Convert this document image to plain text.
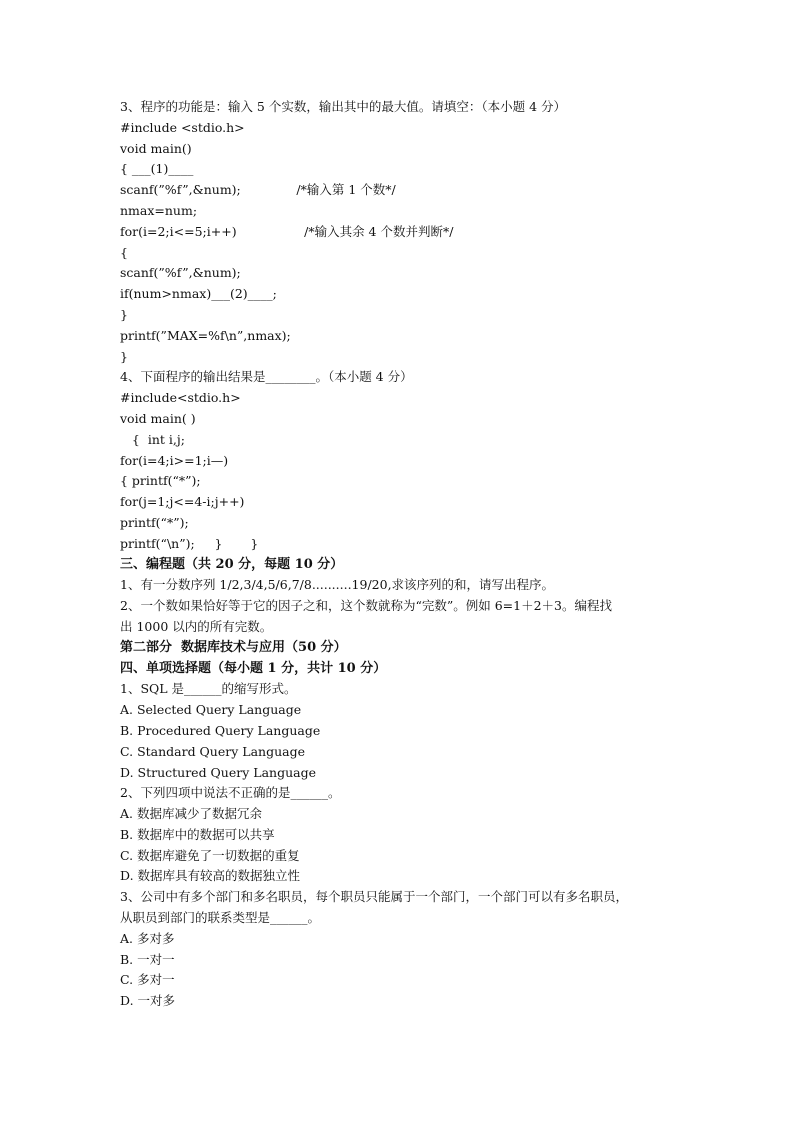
3、程序的功能是：输入 5 个实数，输出其中的最大值。请填空：（本小题 4 分）
#include <stdio.h>
void main()
{ ___(1)____
scanf(”%f”,&num);              /*输入第 1 个数*/
nmax=num;
for(i=2;i<=5;i++)                 /*输入其余 4 个数并判断*/
{
scanf(”%f”,&num);
if(num>nmax)___(2)____;
}
printf(”MAX=%f\n”,nmax);
}
4、下面程序的输出结果是________。（本小题 4 分）
#include<stdio.h>
void main( )
{  int i,j;
for(i=4;i>=1;i—)
{ printf(“*”);
for(j=1;j<=4-i;j++)
printf(“*”);
printf(“\n”);     }       }
三、编程题（共 20 分，每题 10 分）
1、有一分数序列 1/2,3/4,5/6,7/8..........19/20,求该序列的和，请写出程序。
2、一个数如果恰好等于它的因子之和，这个数就称为“完数”。例如 6=1＋2＋3。编程找
出 1000 以内的所有完数。
第二部分  数据库技术与应用（50 分）
四、单项选择题（每小题 1 分，共计 10 分）
1、SQL 是______的缩写形式。
A. Selected Query Language
B. Procedured Query Language
C. Standard Query Language
D. Structured Query Language
2、下列四项中说法不正确的是______。
A. 数据库减少了数据冗余
B. 数据库中的数据可以共享
C. 数据库避免了一切数据的重复
D. 数据库具有较高的数据独立性
3、公司中有多个部门和多名职员，每个职员只能属于一个部门，一个部门可以有多名职员，
从职员到部门的联系类型是______。
A. 多对多
B. 一对一
C. 多对一
D. 一对多
